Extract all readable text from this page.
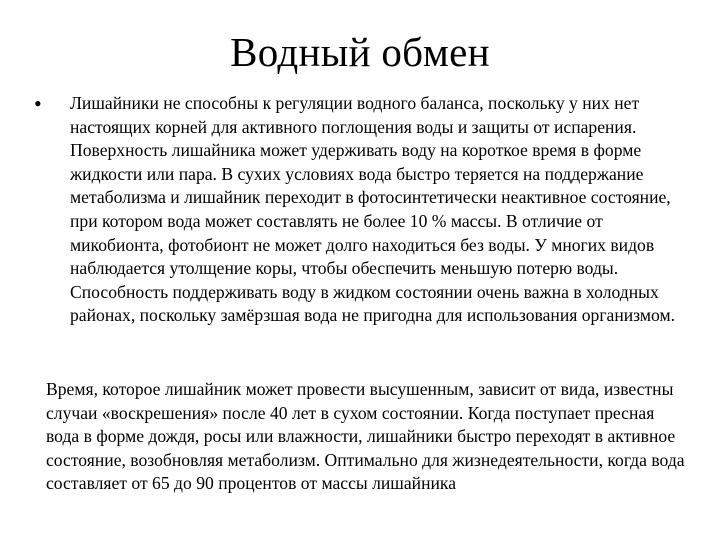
Водный обмен
• Лишайники не способны к регуляции водного баланса, поскольку у них нет настоящих корней для активного поглощения воды и защиты от испарения. Поверхность лишайника может удерживать воду на короткое время в форме жидкости или пара. В сухих условиях вода быстро теряется на поддержание метаболизма и лишайник переходит в фотосинтетически неактивное состояние, при котором вода может составлять не более 10 % массы. В отличие от микобионта, фотобионт не может долго находиться без воды. У многих видов наблюдается утолщение коры, чтобы обеспечить меньшую потерю воды. Способность поддерживать воду в жидком состоянии очень важна в холодных районах, поскольку замёрзшая вода не пригодна для использования организмом.
Время, которое лишайник может провести высушенным, зависит от вида, известны случаи «воскрешения» после 40 лет в сухом состоянии. Когда поступает пресная вода в форме дождя, росы или влажности, лишайники быстро переходят в активное состояние, возобновляя метаболизм. Оптимально для жизнедеятельности, когда вода составляет от 65 до 90 процентов от массы лишайника
